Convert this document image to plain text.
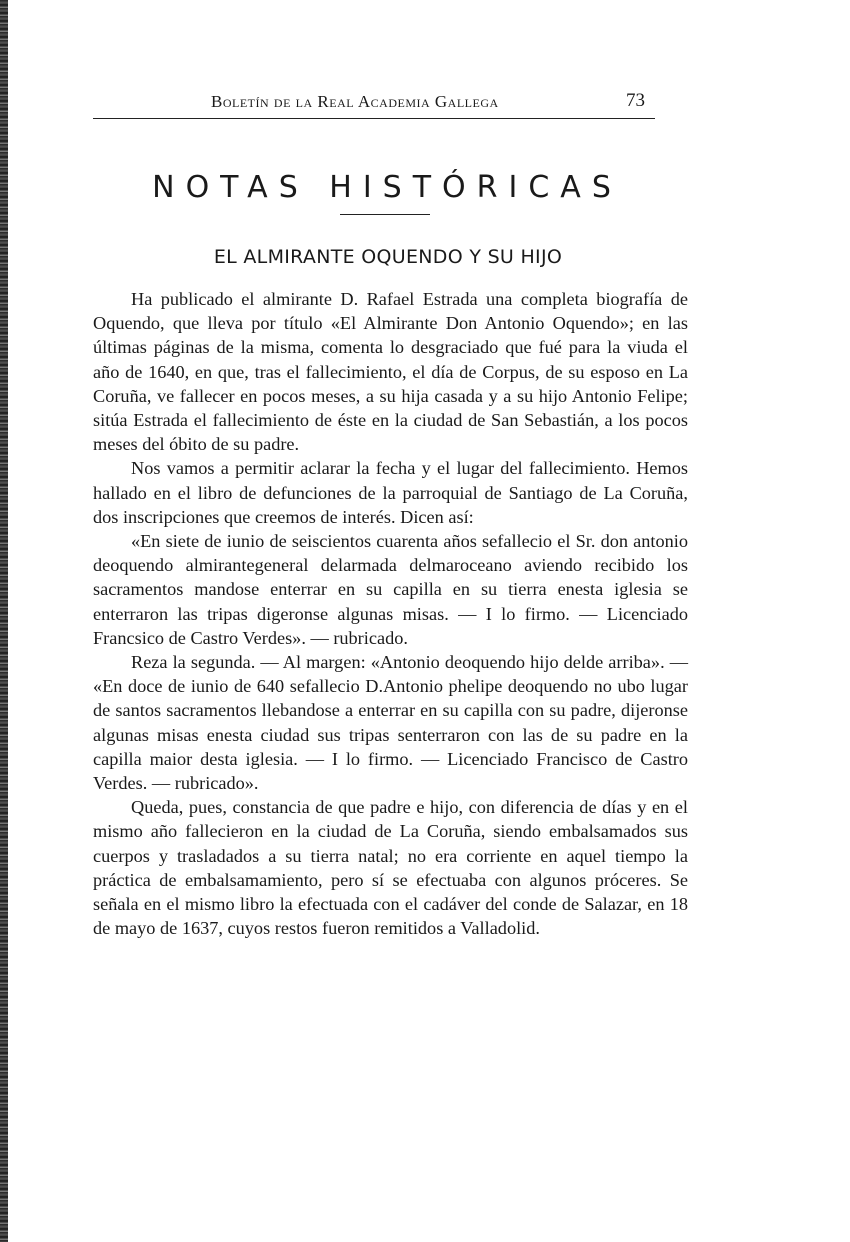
Boletín de la Real Academia Gallega	73
NOTAS HISTÓRICAS
EL ALMIRANTE OQUENDO Y SU HIJO

Ha publicado el almirante D. Rafael Estrada una completa biografía de Oquendo, que lleva por título «El Almirante Don Antonio Oquendo»; en las últimas páginas de la misma, comenta lo desgraciado que fué para la viuda el año de 1640, en que, tras el fallecimiento, el día de Corpus, de su esposo en La Coruña, ve fallecer en pocos meses, a su hija casada y a su hijo Antonio Felipe; sitúa Estrada el fallecimiento de éste en la ciudad de San Sebastián, a los pocos meses del óbito de su padre.

Nos vamos a permitir aclarar la fecha y el lugar del fallecimiento. Hemos hallado en el libro de defunciones de la parroquial de Santiago de La Coruña, dos inscripciones que creemos de interés. Dicen así:

«En siete de iunio de seiscientos cuarenta años sefallecio el Sr. don antonio deoquendo almirantegeneral delarmada delmaroceano aviendo recibido los sacramentos mandose enterrar en su capilla en su tierra enesta iglesia se enterraron las tripas digeronse algunas misas. — I lo firmo. — Licenciado Francsico de Castro Verdes». — rubricado.

Reza la segunda. — Al margen: «Antonio deoquendo hijo delde arriba». — «En doce de iunio de 640 sefallecio D.Antonio phelipe deoquendo no ubo lugar de santos sacramentos llebandose a enterrar en su capilla con su padre, dijeronse algunas misas enesta ciudad sus tripas senterraron con las de su padre en la capilla maior desta iglesia. — I lo firmo. — Licenciado Francisco de Castro Verdes. — rubricado».

Queda, pues, constancia de que padre e hijo, con diferencia de días y en el mismo año fallecieron en la ciudad de La Coruña, siendo embalsamados sus cuerpos y trasladados a su tierra natal; no era corriente en aquel tiempo la práctica de embalsamamiento, pero sí se efectuaba con algunos próceres. Se señala en el mismo libro la efectuada con el cadáver del conde de Salazar, en 18 de mayo de 1637, cuyos restos fueron remitidos a Valladolid.
